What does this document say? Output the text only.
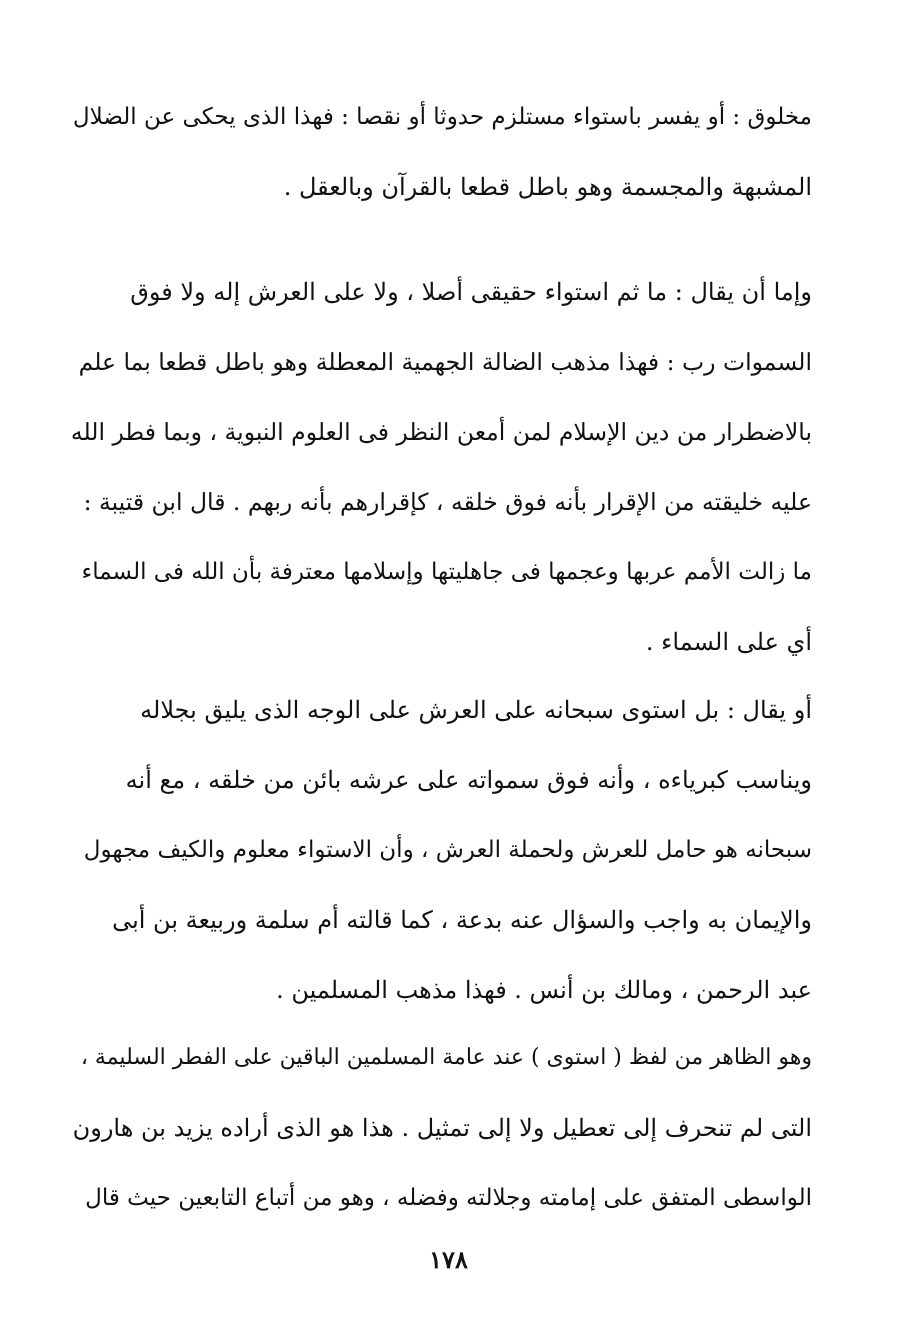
مخلوق : أو يفسر باستواء مستلزم حدوثا أو نقصا : فهذا الذى يحكى عن الضلال
المشبهة والمجسمة وهو باطل قطعا بالقرآن وبالعقل .
وإما أن يقال : ما ثم استواء حقيقى أصلا ، ولا على العرش إله ولا فوق
السموات رب : فهذا مذهب الضالة الجهمية المعطلة وهو باطل قطعا بما علم
بالاضطرار من دين الإسلام لمن أمعن النظر فى العلوم النبوية ، وبما فطر الله
عليه خليقته من الإقرار بأنه فوق خلقه ، كإقرارهم بأنه ربهم . قال ابن قتيبة :
ما زالت الأمم عربها وعجمها فى جاهليتها وإسلامها معترفة بأن الله فى السماء
أي على السماء .
أو يقال : بل استوى سبحانه على العرش على الوجه الذى يليق بجلاله
ويناسب كبرياءه ، وأنه فوق سمواته على عرشه بائن من خلقه ، مع أنه
سبحانه هو حامل للعرش ولحملة العرش ، وأن الاستواء معلوم والكيف مجهول
والإيمان به واجب والسؤال عنه بدعة ، كما قالته أم سلمة وربيعة بن أبى
عبد الرحمن ، ومالك بن أنس . فهذا مذهب المسلمين .
وهو الظاهر من لفظ ( استوى ) عند عامة المسلمين الباقين على الفطر السليمة ،
التى لم تنحرف إلى تعطيل ولا إلى تمثيل . هذا هو الذى أراده يزيد بن هارون
الواسطى المتفق على إمامته وجلالته وفضله ، وهو من أتباع التابعين حيث قال
١٧٨
